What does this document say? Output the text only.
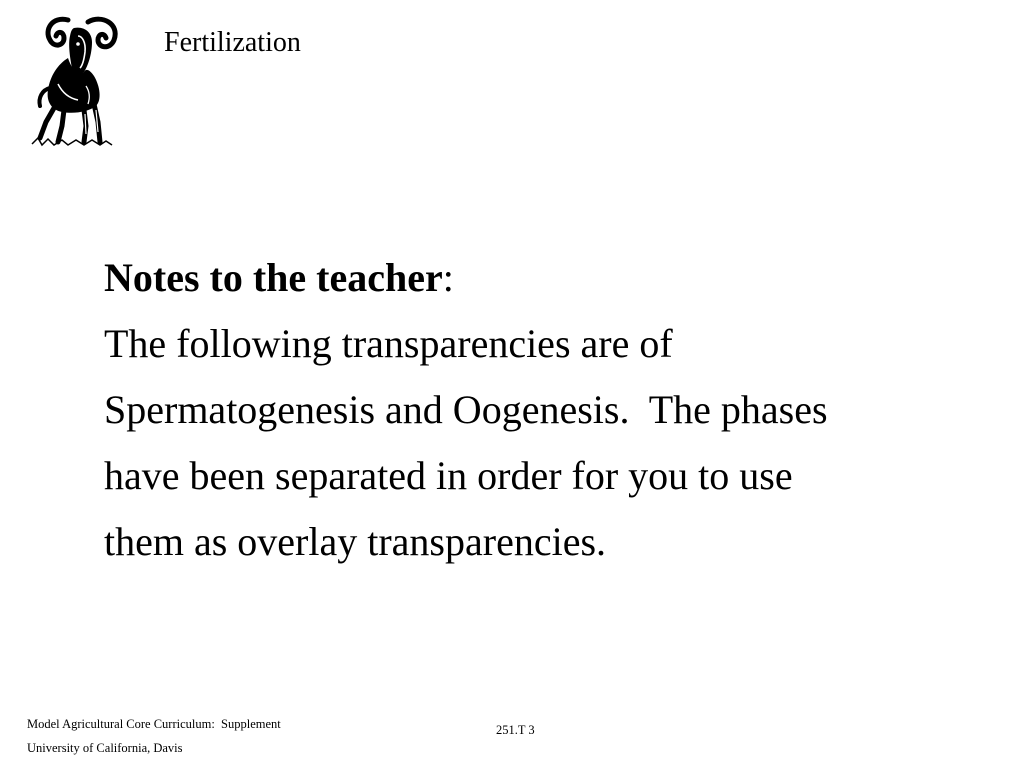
Fertilization
Notes to the teacher:
The following transparencies are of
Spermatogenesis and Oogenesis.  The phases
have been separated in order for you to use
them as overlay transparencies.
Model Agricultural Core Curriculum:  Supplement
University of California, Davis
251.T 3
